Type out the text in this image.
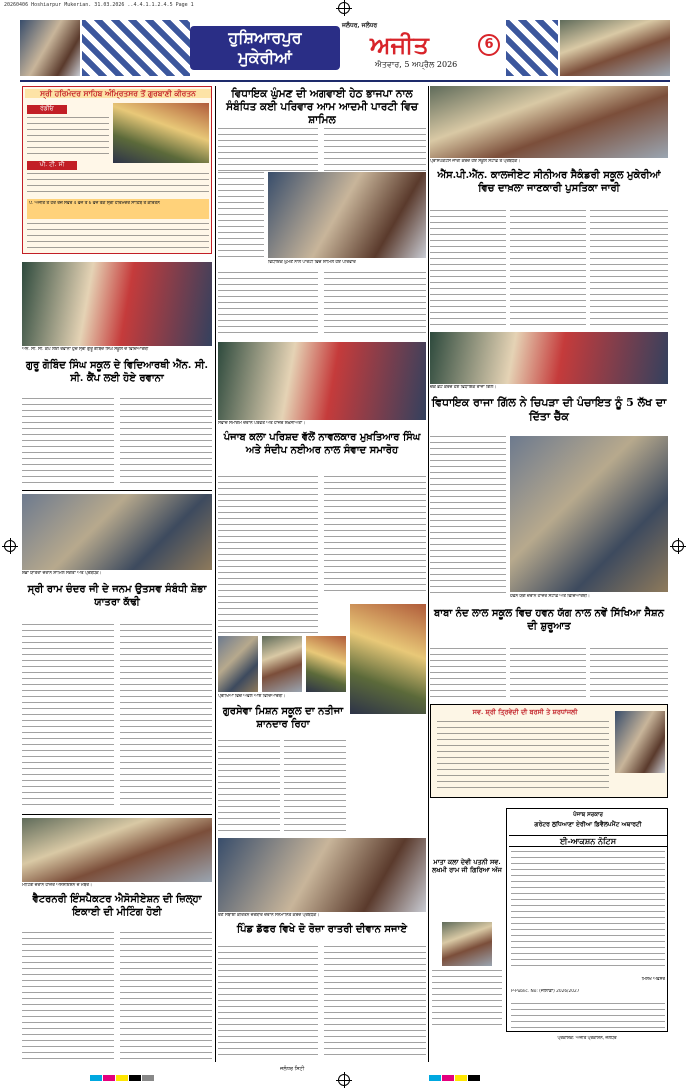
20260406 Hoshiarpur Mukerian. 31.03.2026 ..4.4.1.1.2.4.5 Page 1
ਹੁਸ਼ਿਆਰਪੁਰ
ਮੁਕੇਰੀਆਂ
ਜਲੰਧਰ, ਜਲੰਧਰ
ਅਜੀਤ
ਐਤਵਾਰ, 5 ਅਪ੍ਰੈਲ 2026
6
ਸ੍ਰੀ ਹਰਿਮੰਦਰ ਸਾਹਿਬ ਅੰਮ੍ਰਿਤਸਰ ਤੋਂ ਗੁਰਬਾਣੀ ਕੀਰਤਨ
ਰੇਡੀਓ
ਪੀ. ਟੀ. ਸੀ
ਪੰ. ਅਜੀਤ ਤੇ ਹਰ ਰੋਜ਼ ਸਵੇਰੇ 4 ਵਜੇ ਤੋਂ 6 ਵਜੇ ਤੱਕ ਸ੍ਰੀ ਹਰਿਮੰਦਰ ਸਾਹਿਬ ਤੋਂ ਕੀਰਤਨ
ਐੱਨ. ਸੀ. ਸੀ. ਕੈਂਪ ਲਈ ਰਵਾਨਾ ਹੁੰਦੇ ਸ੍ਰੀ ਗੁਰੂ ਗੋਬਿੰਦ ਸਿੰਘ ਸਕੂਲ ਦੇ ਵਿਦਿਆਰਥੀ
ਗੁਰੂ ਗੋਬਿੰਦ ਸਿੰਘ ਸਕੂਲ ਦੇ ਵਿਦਿਆਰਥੀ ਐੱਨ. ਸੀ. ਸੀ. ਕੈਂਪ ਲਈ ਹੋਏ ਰਵਾਨਾ
ਸ਼ੋਭਾ ਯਾਤਰਾ ਦੌਰਾਨ ਸ਼ਾਮਿਲ ਸੰਗਤਾਂ ਅਤੇ ਪ੍ਰਬੰਧਕ।
ਸ੍ਰੀ ਰਾਮ ਚੰਦਰ ਜੀ ਦੇ ਜਨਮ ਉਤਸਵ ਸੰਬੰਧੀ ਸ਼ੋਭਾ ਯਾਤਰਾ ਕੱਢੀ
ਮੀਟਿੰਗ ਦੌਰਾਨ ਹਾਜ਼ਰ ਐਸੋਸੀਏਸ਼ਨ ਦੇ ਮੈਂਬਰ।
ਵੈਟਰਨਰੀ ਇੰਸਪੈਕਟਰ ਐਸੋਸੀਏਸ਼ਨ ਦੀ ਜ਼ਿਲ੍ਹਾ ਇਕਾਈ ਦੀ ਮੀਟਿੰਗ ਹੋਈ
ਵਿਧਾਇਕ ਘੁੰਮਣ ਦੀ ਅਗਵਾਈ ਹੇਠ ਭਾਜਪਾ ਨਾਲ ਸੰਬੰਧਿਤ ਕਈ ਪਰਿਵਾਰ ਆਮ ਆਦਮੀ ਪਾਰਟੀ ਵਿਚ ਸ਼ਾਮਿਲ
ਵਿਧਾਇਕ ਘੁੰਮਣ ਨਾਲ ਪਾਰਟੀ ਵਿਚ ਸ਼ਾਮਿਲ ਹੋਏ ਪਰਿਵਾਰ
ਸੰਵਾਦ ਸਮਾਗਮ ਦੌਰਾਨ ਪਤਵੰਤੇ ਅਤੇ ਹਾਜ਼ਰ ਸ਼ਖ਼ਸੀਅਤਾਂ।
ਪੰਜਾਬ ਕਲਾ ਪਰਿਸ਼ਦ ਵੱਲੋਂ ਨਾਵਲਕਾਰ ਮੁਖ਼ਤਿਆਰ ਸਿੰਘ ਅਤੇ ਸੰਦੀਪ ਨਈਅਰ ਨਾਲ ਸੰਵਾਦ ਸਮਾਰੋਹ
ਪ੍ਰੀਖਿਆ ਵਿਚ ਅੱਵਲ ਆਏ ਵਿਦਿਆਰਥੀ।
ਗੁਰਸੇਵਾ ਮਿਸ਼ਨ ਸਕੂਲ ਦਾ ਨਤੀਜਾ ਸ਼ਾਨਦਾਰ ਰਿਹਾ
ਰੈਣ ਸਬਾਈ ਕੀਰਤਨ ਦਰਬਾਰ ਦੌਰਾਨ ਸਨਮਾਨਿਤ ਕਰਦੇ ਪ੍ਰਬੰਧਕ।
ਪਿੰਡ ਡੱਫਰ ਵਿਖੇ ਦੋ ਰੋਜ਼ਾ ਰਾਤਰੀ ਦੀਵਾਨ ਸਜਾਏ
ਪ੍ਰਾਸਪੈਕਟਸ ਜਾਰੀ ਕਰਦੇ ਹੋਏ ਸਕੂਲ ਸਟਾਫ਼ ਤੇ ਪ੍ਰਬੰਧਕ।
ਐੱਸ.ਪੀ.ਐੱਨ. ਕਾਲਜੀਏਟ ਸੀਨੀਅਰ ਸੈਕੰਡਰੀ ਸਕੂਲ ਮੁਕੇਰੀਆਂ ਵਿਚ ਦਾਖ਼ਲਾ ਜਾਣਕਾਰੀ ਪੁਸਤਿਕਾ ਜਾਰੀ
ਚੈੱਕ ਭੇਟ ਕਰਦੇ ਹੋਏ ਵਿਧਾਇਕ ਰਾਜਾ ਗਿੱਲ।
ਵਿਧਾਇਕ ਰਾਜਾ ਗਿੱਲ ਨੇ ਚਿਪੜਾ ਦੀ ਪੰਚਾਇਤ ਨੂੰ 5 ਲੱਖ ਦਾ ਦਿੱਤਾ ਚੈੱਕ
ਹਵਨ ਯੱਗ ਦੌਰਾਨ ਹਾਜ਼ਰ ਸਟਾਫ਼ ਅਤੇ ਵਿਦਿਆਰਥੀ।
ਬਾਬਾ ਨੰਦ ਲਾਲ ਸਕੂਲ ਵਿਚ ਹਵਨ ਯੱਗ ਨਾਲ ਨਵੇਂ ਸਿੱਖਿਆ ਸੈਸ਼ਨ ਦੀ ਸ਼ੁਰੂਆਤ
ਸਵ. ਸ਼੍ਰੀ ਤ੍ਰਿਵੇਦੀ ਦੀ ਬਰਸੀ ਤੇ ਸ਼ਰਧਾਂਜਲੀ
ਪੰਜਾਬ ਸਰਕਾਰ
ਗਰੇਟਰ ਲੁਧਿਆਣਾ ਏਰੀਆ ਡਿਵੈਲਪਮੈਂਟ ਅਥਾਰਟੀ
ਈ-ਆਕਸ਼ਨ ਨੋਟਿਸ
ਮਿਲਖ ਅਫ਼ਸਰ
P-Public. No: (ਜੀਲਾਡਾ) 2026/2027
ਮਾਤਾ ਕਲਾ ਦੇਵੀ ਪਤਨੀ ਸਵ. ਲਖਮੀ ਰਾਮ ਜੀ ਗਿਰਿਆ ਅੱਜ
ਪ੍ਰਕਾਸ਼ਕ: ਅਜੀਤ ਪ੍ਰਕਾਸ਼ਨ, ਜਲੰਧਰ
$^{ਜਲੰਧਰ ਸਿਟੀ}$
